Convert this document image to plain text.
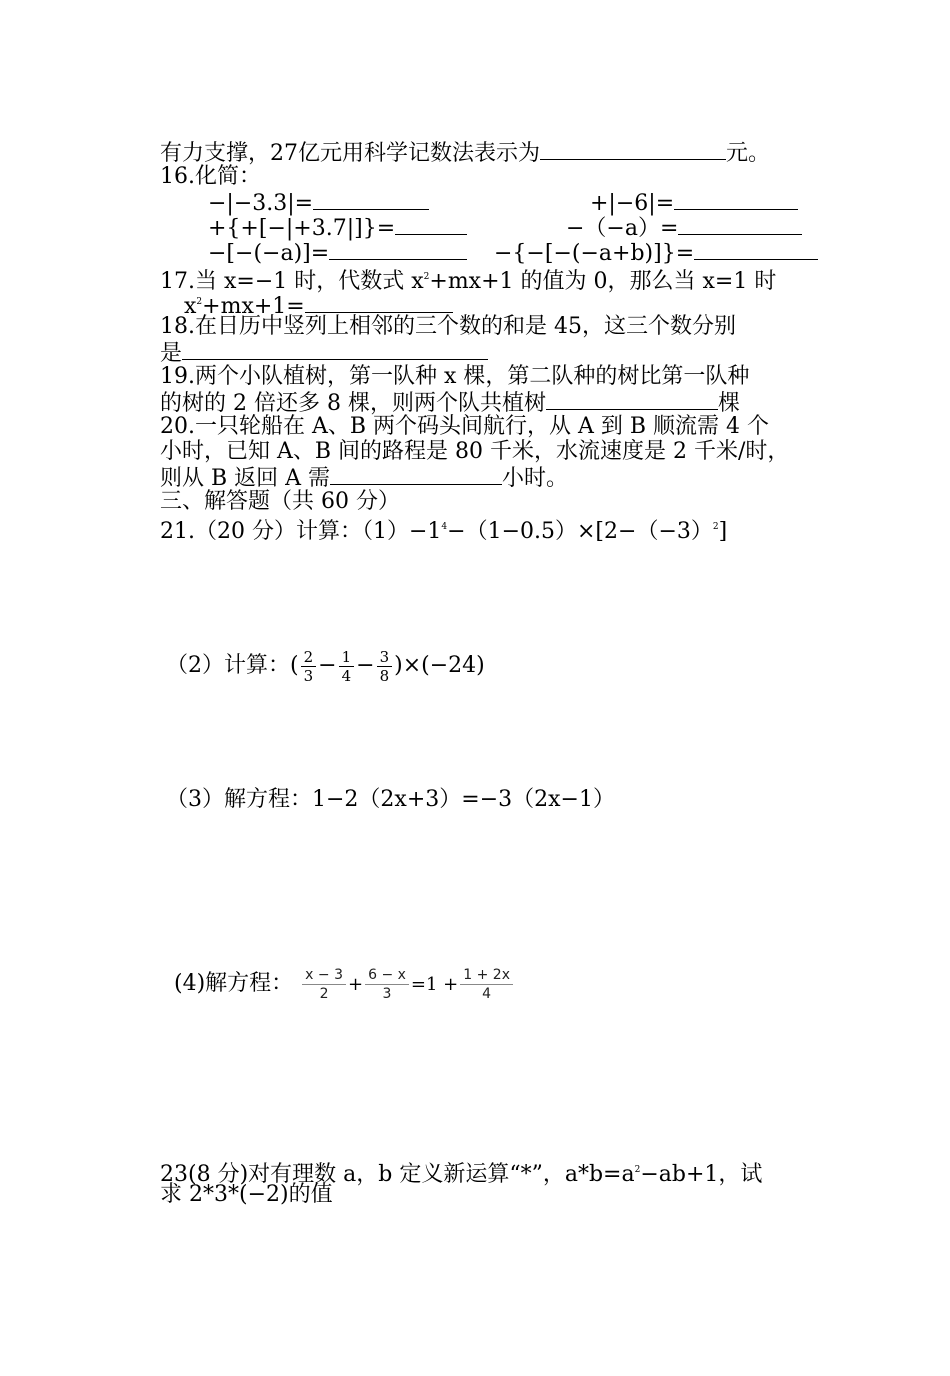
有力支撑，27亿元用科学记数法表示为	元。
16.化简：
−|−3.3|=	+|−6|=
+{+[−|+3.7|]}=	−（−a）=
−[−(−a)]=	−{−[−(−a+b)]}=
17.当 x=−1 时，代数式 $x^2+mx+1$ 的值为 0，那么当 x=1 时
$x^2+mx+1=$
18.在日历中竖列上相邻的三个数的和是 45，这三个数分别
是
19.两个小队植树，第一队种 x 棵，第二队种的树比第一队种
的树的 2 倍还多 8 棵，则两个队共植树	棵
20.一只轮船在 A、B 两个码头间航行，从 A 到 B 顺流需 4 个
小时，已知 A、B 间的路程是 80 千米，水流速度是 2 千米/时，
则从 B 返回 A 需	小时。
三、解答题（共 60 分）
21.（20 分）计算：$(1)-1^4-(1-0.5)\times[2-(-3)^2]$
（2）计算：( $\frac{2}{3} - \frac{1}{4} - \frac{3}{8} )\times(-24)$
（3）解方程：1−2（2x+3）=−3（2x−1）
(4)解方程： $\frac{x - 3}{2} + \frac{6 - x}{3} =1 + \frac{1 + 2x}{4}$
23(8 分)对有理数 a，b 定义新运算“*”，$a*b=a^2-ab+1$，试
求 2*3*(−2)的值
